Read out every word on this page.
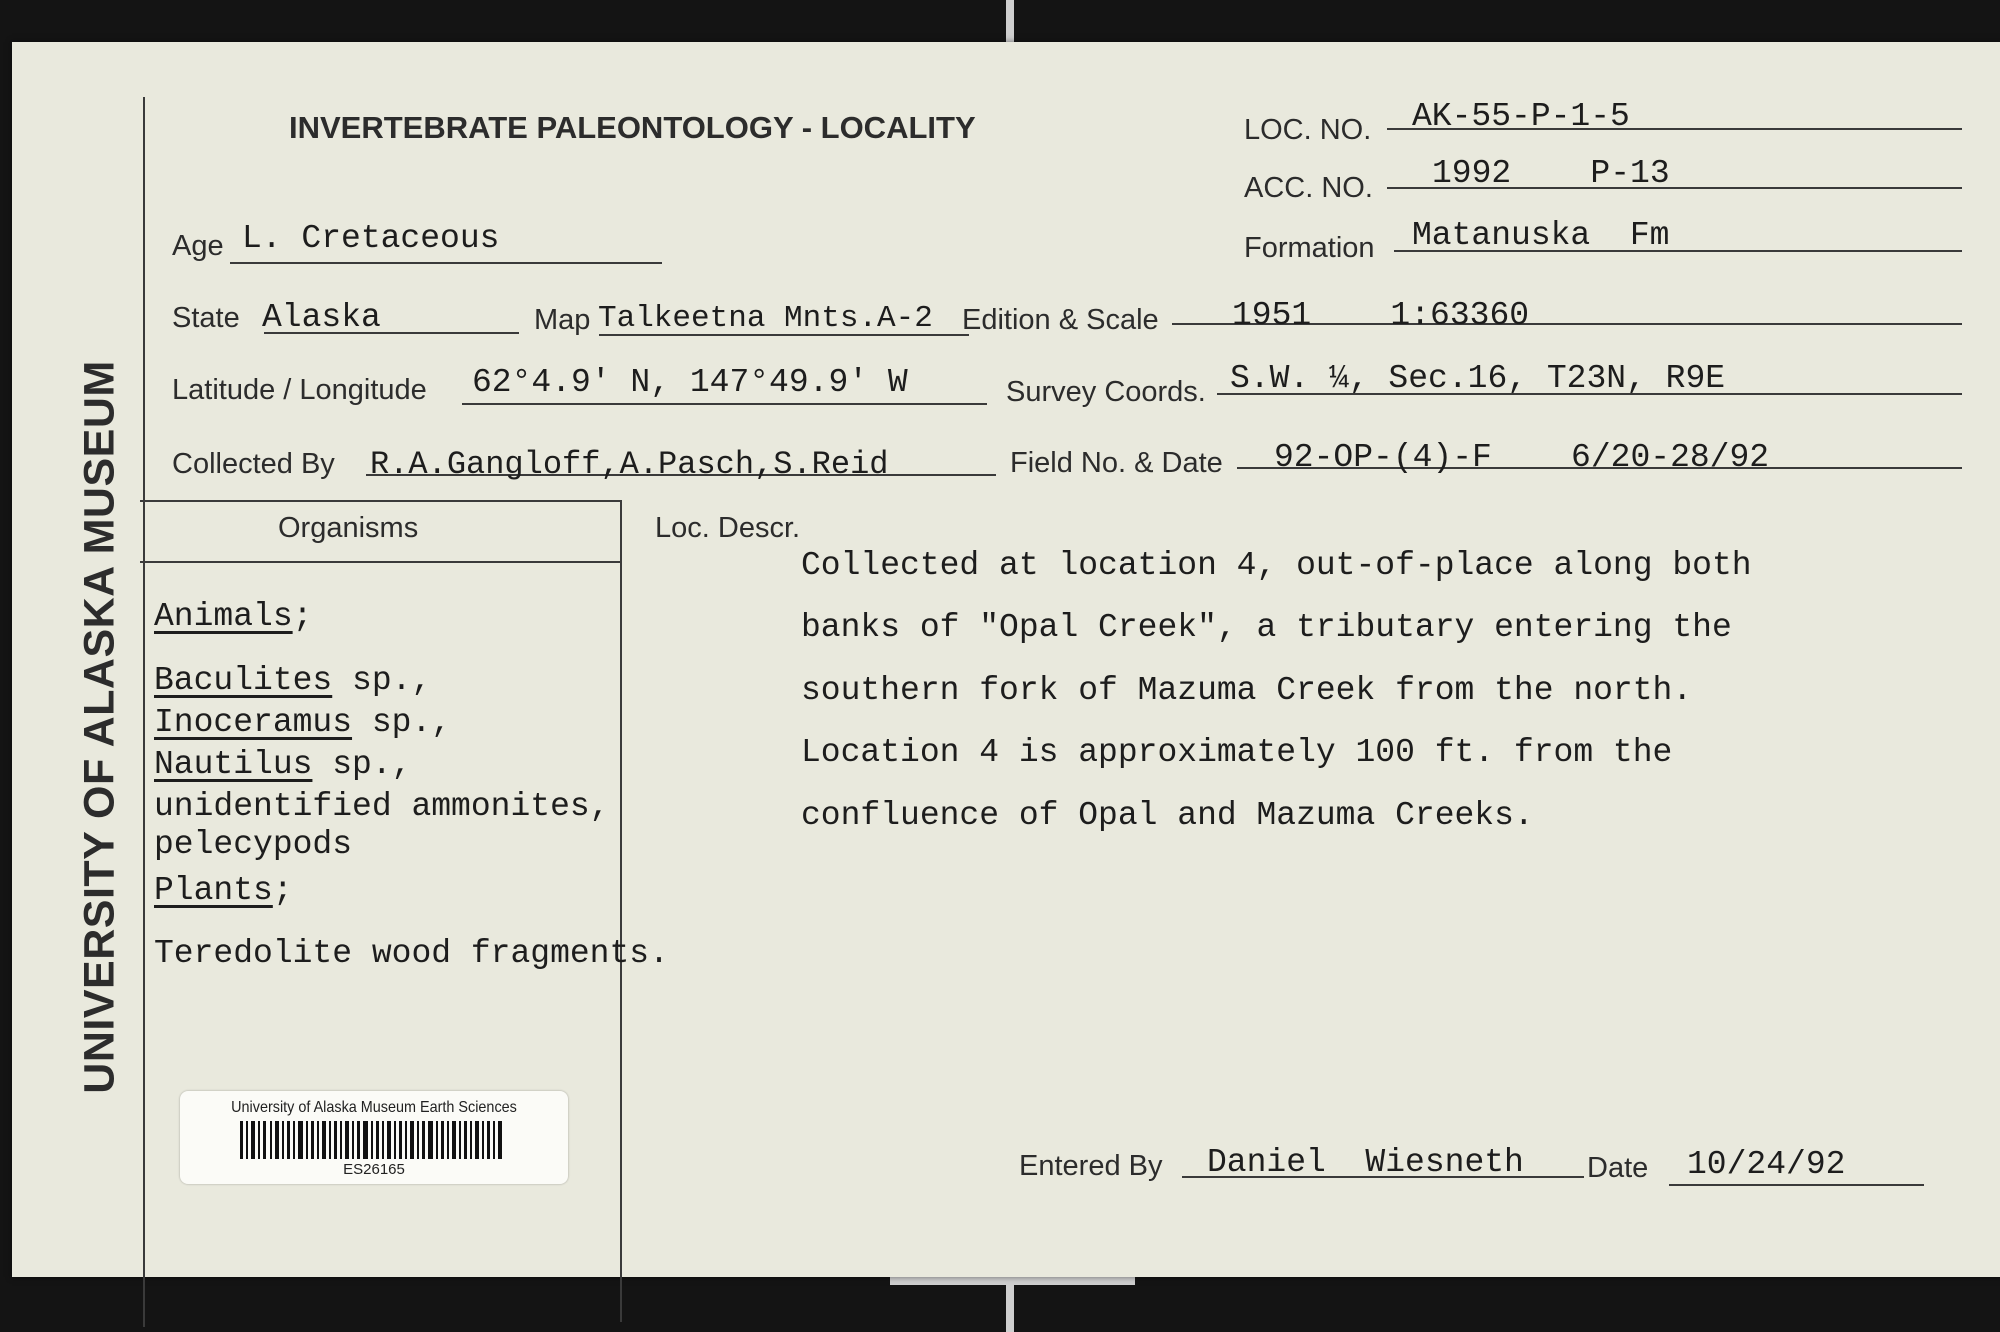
UNIVERSITY OF ALASKA MUSEUM
INVERTEBRATE PALEONTOLOGY - LOCALITY	LOC. NO. AK-55-P-1-5
ACC. NO. 1992    P-13
Age L. Cretaceous	Formation Matanuska  Fm
State Alaska	Map Talkeetna Mnts.A-2 Edition & Scale 1951    1:63360
Latitude / Longitude 62°4.9' N, 147°49.9' W	Survey Coords. S.W. ¼, Sec.16, T23N, R9E
Collected By R.A.Gangloff,A.Pasch,S.Reid	Field No. & Date 92-OP-(4)-F    6/20-28/92
Organisms
Animals;
Baculites sp.,
Inoceramus sp.,
Nautilus sp.,
unidentified ammonites,
pelecypods
Plants;
Teredolite wood fragments.
Loc. Descr.
Collected at location 4, out-of-place along both
banks of "Opal Creek", a tributary entering the
southern fork of Mazuma Creek from the north.
Location 4 is approximately 100 ft. from the
confluence of Opal and Mazuma Creeks.
University of Alaska Museum Earth Sciences
ES26165	Entered By Daniel  Wiesneth Date 10/24/92
